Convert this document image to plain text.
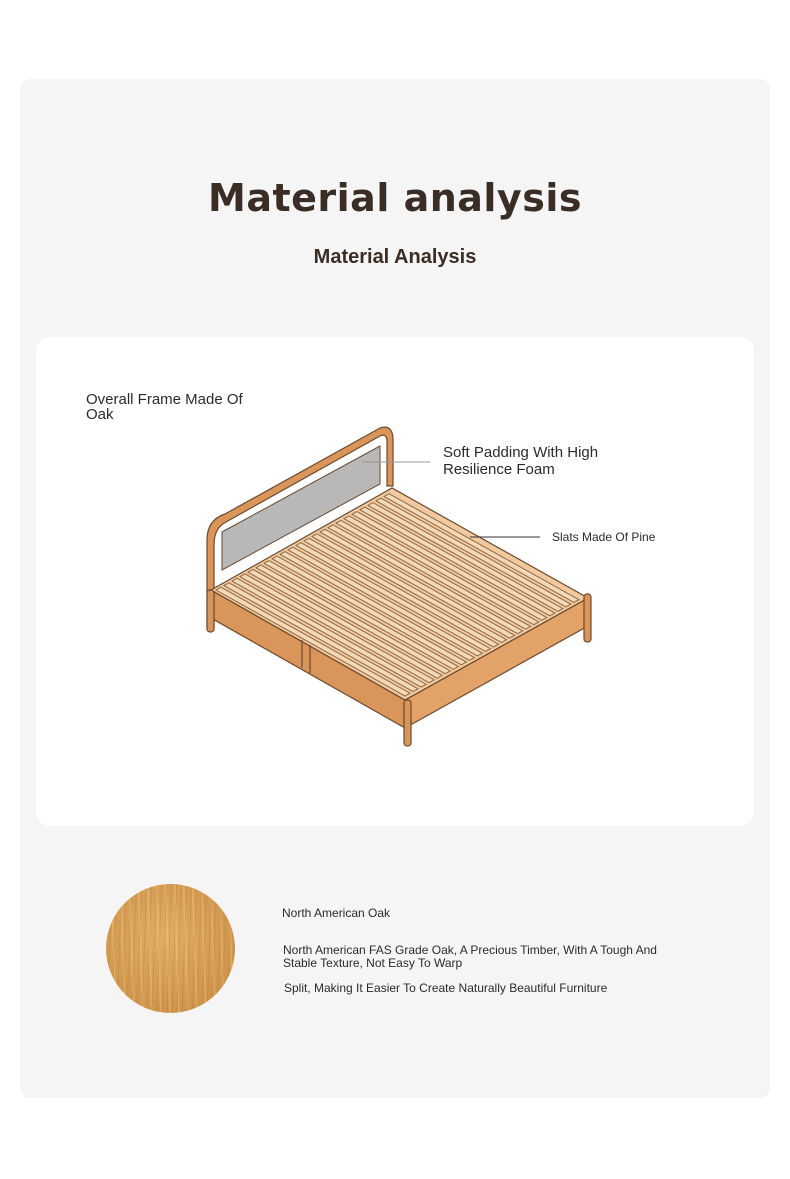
Material analysis
Material Analysis
Overall Frame Made Of Oak
Soft Padding With High Resilience Foam
Slats Made Of Pine
North American Oak
North American FAS Grade Oak, A Precious Timber, With A Tough And Stable Texture, Not Easy To Warp
Split, Making It Easier To Create Naturally Beautiful Furniture
